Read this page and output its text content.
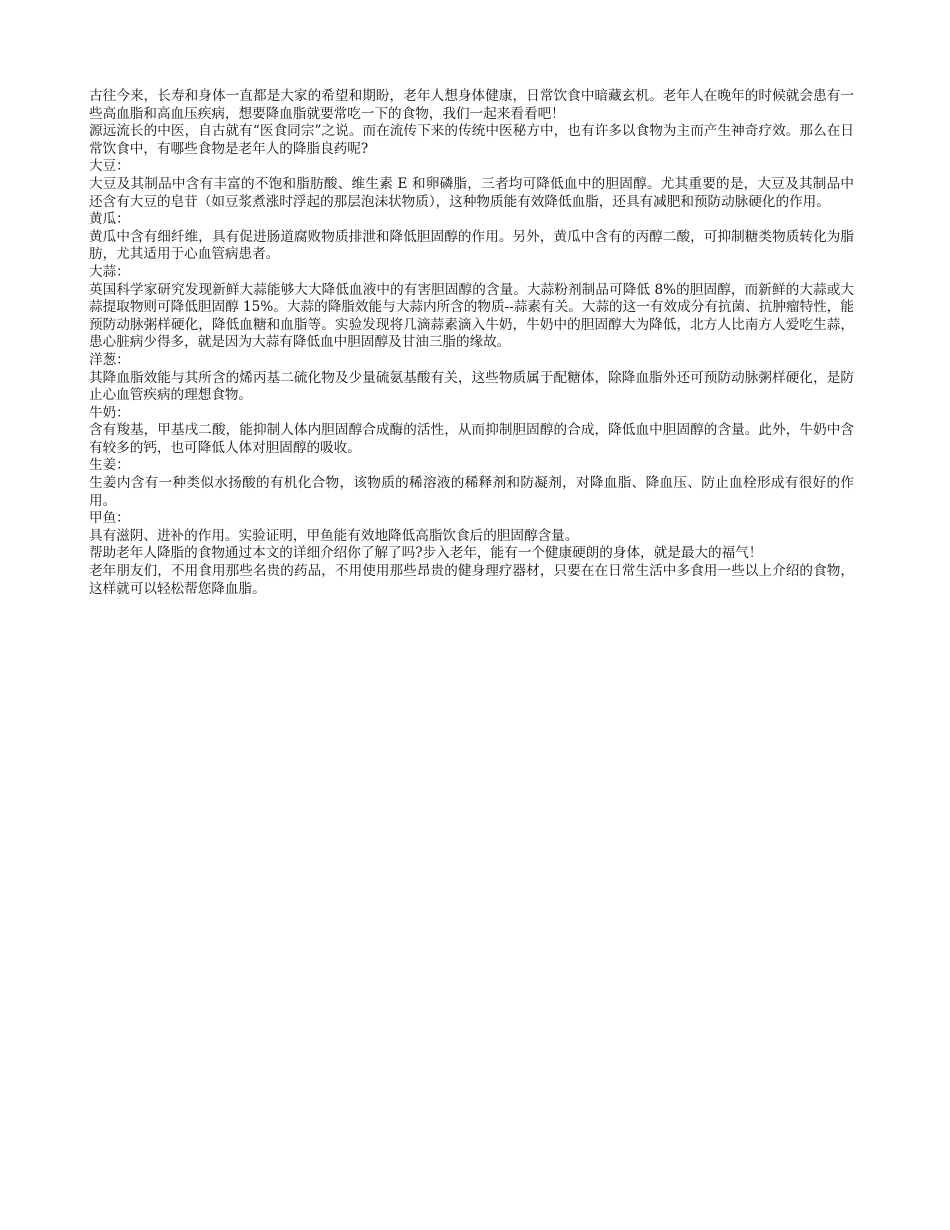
古往今来，长寿和身体一直都是大家的希望和期盼，老年人想身体健康，日常饮食中暗藏玄机。老年人在晚年的时候就会患有一些高血脂和高血压疾病，想要降血脂就要常吃一下的食物，我们一起来看看吧！

源远流长的中医，自古就有“医食同宗”之说。而在流传下来的传统中医秘方中，也有许多以食物为主而产生神奇疗效。那么在日常饮食中，有哪些食物是老年人的降脂良药呢?

大豆：

大豆及其制品中含有丰富的不饱和脂肪酸、维生素 E 和卵磷脂，三者均可降低血中的胆固醇。尤其重要的是，大豆及其制品中还含有大豆的皂苷（如豆浆煮涨时浮起的那层泡沫状物质），这种物质能有效降低血脂，还具有减肥和预防动脉硬化的作用。

黄瓜：

黄瓜中含有细纤维，具有促进肠道腐败物质排泄和降低胆固醇的作用。另外，黄瓜中含有的丙醇二酸，可抑制糖类物质转化为脂肪，尤其适用于心血管病患者。

大蒜：

英国科学家研究发现新鲜大蒜能够大大降低血液中的有害胆固醇的含量。大蒜粉剂制品可降低 8%的胆固醇，而新鲜的大蒜或大蒜提取物则可降低胆固醇 15%。大蒜的降脂效能与大蒜内所含的物质--蒜素有关。大蒜的这一有效成分有抗菌、抗肿瘤特性，能预防动脉粥样硬化，降低血糖和血脂等。实验发现将几滴蒜素滴入牛奶，牛奶中的胆固醇大为降低，北方人比南方人爱吃生蒜，患心脏病少得多，就是因为大蒜有降低血中胆固醇及甘油三脂的缘故。

洋葱：

其降血脂效能与其所含的烯丙基二硫化物及少量硫氨基酸有关，这些物质属于配糖体，除降血脂外还可预防动脉粥样硬化，是防止心血管疾病的理想食物。

牛奶：

含有羧基，甲基戌二酸，能抑制人体内胆固醇合成酶的活性，从而抑制胆固醇的合成，降低血中胆固醇的含量。此外，牛奶中含有较多的钙，也可降低人体对胆固醇的吸收。

生姜：

生姜内含有一种类似水扬酸的有机化合物，该物质的稀溶液的稀释剂和防凝剂，对降血脂、降血压、防止血栓形成有很好的作用。

甲鱼：

具有滋阴、进补的作用。实验证明，甲鱼能有效地降低高脂饮食后的胆固醇含量。

帮助老年人降脂的食物通过本文的详细介绍你了解了吗?步入老年，能有一个健康硬朗的身体，就是最大的福气！

老年朋友们，不用食用那些名贵的药品，不用使用那些昂贵的健身理疗器材，只要在在日常生活中多食用一些以上介绍的食物，这样就可以轻松帮您降血脂。
